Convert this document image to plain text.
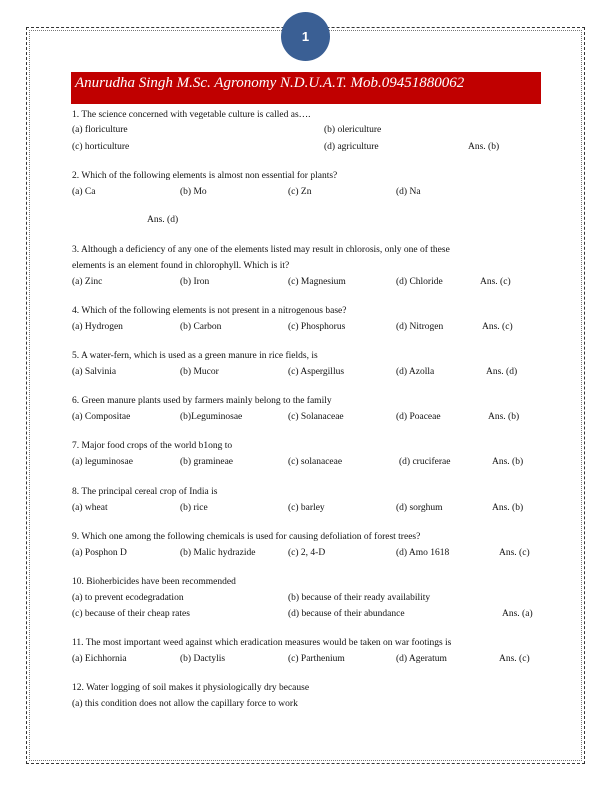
1
Anurudha Singh M.Sc. Agronomy N.D.U.A.T. Mob.09451880062
1. The science concerned with vegetable culture is called as….
(a) floriculture	(b) olericulture
(c) horticulture	(d) agriculture	Ans. (b)
2. Which of the following elements is almost non essential for plants?
(a) Ca	(b) Mo	(c) Zn	(d) Na
Ans. (d)
3. Although a deficiency of any one of the elements listed may result in chlorosis, only one of these
elements is an element found in chlorophyll. Which is it?
(a) Zinc	(b) Iron	(c) Magnesium	(d) Chloride	Ans. (c)
4. Which of the following elements is not present in a nitrogenous base?
(a) Hydrogen	(b) Carbon	(c) Phosphorus	(d) Nitrogen	Ans. (c)
5. A water-fern, which is used as a green manure in rice fields, is
(a) Salvinia	(b) Mucor	(c) Aspergillus	(d) Azolla	Ans. (d)
6. Green manure plants used by farmers mainly belong to the family
(a) Compositae	(b)Leguminosae	(c) Solanaceae	(d) Poaceae	Ans. (b)
7. Major food crops of the world b1ong to
(a) leguminosae	(b) gramineae	(c) solanaceae	(d) cruciferae	Ans. (b)
8. The principal cereal crop of India is
(a) wheat	(b) rice	(c) barley	(d) sorghum	Ans. (b)
9. Which one among the following chemicals is used for causing defoliation of forest trees?
(a) Posphon D	(b) Malic hydrazide	(c) 2, 4-D	(d) Amo 1618	Ans. (c)
10. Bioherbicides have been recommended
(a) to prevent ecodegradation	(b) because of their ready availability
(c) because of their cheap rates	(d) because of their abundance	Ans. (a)
11. The most important weed against which eradication measures would be taken on war footings is
(a) Eichhornia	(b) Dactylis	(c) Parthenium	(d) Ageratum	Ans. (c)
12. Water logging of soil makes it physiologically dry because
(a) this condition does not allow the capillary force to work
